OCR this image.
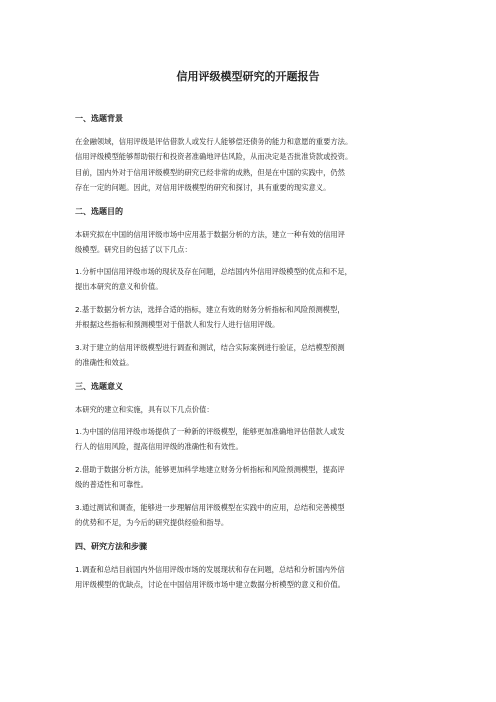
信用评级模型研究的开题报告
一、选题背景

在金融领域，信用评级是评估借款人或发行人能够偿还债务的能力和意愿的重要方法。
信用评级模型能够帮助银行和投资者准确地评估风险，从而决定是否批准贷款或投资。
目前，国内外对于信用评级模型的研究已经非常的成熟，但是在中国的实践中，仍然
存在一定的问题。因此，对信用评级模型的研究和探讨，具有重要的现实意义。

二、选题目的

本研究拟在中国的信用评级市场中应用基于数据分析的方法，建立一种有效的信用评
级模型。研究目的包括了以下几点：

1.分析中国信用评级市场的现状及存在问题，总结国内外信用评级模型的优点和不足，
提出本研究的意义和价值。

2.基于数据分析方法，选择合适的指标，建立有效的财务分析指标和风险预测模型，
并根据这些指标和预测模型对于借款人和发行人进行信用评级。

3.对于建立的信用评级模型进行调查和测试，结合实际案例进行验证，总结模型预测
的准确性和效益。

三、选题意义

本研究的建立和实施，具有以下几点价值：

1.为中国的信用评级市场提供了一种新的评级模型，能够更加准确地评估借款人或发
行人的信用风险，提高信用评级的准确性和有效性。

2.借助于数据分析方法，能够更加科学地建立财务分析指标和风险预测模型，提高评
级的普适性和可靠性。

3.通过测试和调查，能够进一步理解信用评级模型在实践中的应用，总结和完善模型
的优势和不足，为今后的研究提供经验和指导。

四、研究方法和步骤

1.调查和总结目前国内外信用评级市场的发展现状和存在问题，总结和分析国内外信
用评级模型的优缺点，讨论在中国信用评级市场中建立数据分析模型的意义和价值。
